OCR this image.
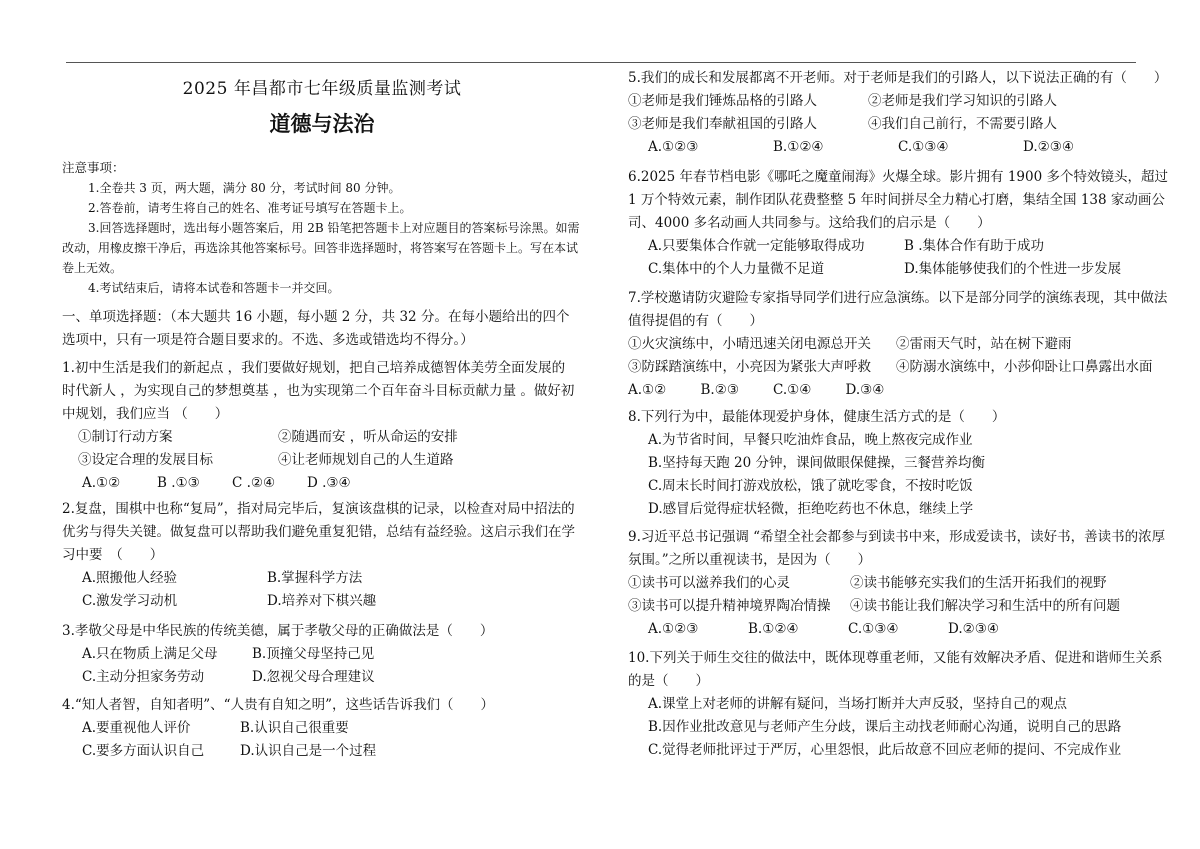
2025 年昌都市七年级质量监测考试
道德与法治
注意事项：
1.全卷共 3 页，两大题，满分 80 分，考试时间 80 分钟。
2.答卷前，请考生将自己的姓名、准考证号填写在答题卡上。
3.回答选择题时，选出每小题答案后，用 2B 铅笔把答题卡上对应题目的答案标号涂黑。如需改动，用橡皮擦干净后，再选涂其他答案标号。回答非选择题时，将答案写在答题卡上。写在本试卷上无效。
4.考试结束后，请将本试卷和答题卡一并交回。
一、单项选择题：（本大题共 16 小题，每小题 2 分，共 32 分。在每小题给出的四个选项中，只有一项是符合题目要求的。不选、多选或错选均不得分。）
1.初中生活是我们的新起点 ，我们要做好规划，把自己培养成德智体美劳全面发展的时代新人 ，为实现自己的梦想奠基 ，也为实现第二个百年奋斗目标贡献力量 。做好初中规划，我们应当 （　　）
①制订行动方案	②随遇而安 ，听从命运的安排
③设定合理的发展目标	④让老师规划自己的人生道路
A.①②	B .①③	C .②④	D .③④
2.复盘，围棋中也称“复局”，指对局完毕后，复演该盘棋的记录，以检查对局中招法的优劣与得失关键。做复盘可以帮助我们避免重复犯错，总结有益经验。这启示我们在学习中要　（　　）
A.照搬他人经验	B.掌握科学方法
C.激发学习动机	D.培养对下棋兴趣
3.孝敬父母是中华民族的传统美德，属于孝敬父母的正确做法是（　　）
A.只在物质上满足父母	B.顶撞父母坚持己见
C.主动分担家务劳动	D.忽视父母合理建议
4.“知人者智，自知者明”、“人贵有自知之明”，这些话告诉我们（　　）
A.要重视他人评价	B.认识自己很重要
C.要多方面认识自己	D.认识自己是一个过程
5.我们的成长和发展都离不开老师。对于老师是我们的引路人，以下说法正确的有（　　）
①老师是我们锤炼品格的引路人	②老师是我们学习知识的引路人
③老师是我们奉献祖国的引路人	④我们自己前行，不需要引路人
A.①②③	B.①②④	C.①③④	D.②③④
6.2025 年春节档电影《哪吒之魔童闹海》火爆全球。影片拥有 1900 多个特效镜头，超过 1 万个特效元素，制作团队花费整整 5 年时间拼尽全力精心打磨，集结全国 138 家动画公司、4000 多名动画人共同参与。这给我们的启示是（　　）
A.只要集体合作就一定能够取得成功	B .集体合作有助于成功
C.集体中的个人力量微不足道	D.集体能够使我们的个性进一步发展
7.学校邀请防灾避险专家指导同学们进行应急演练。以下是部分同学的演练表现，其中做法值得提倡的有（　　）
①火灾演练中，小晴迅速关闭电源总开关	②雷雨天气时，站在树下避雨
③防踩踏演练中，小亮因为紧张大声呼救	④防溺水演练中，小莎仰卧让口鼻露出水面
A.①②	B.②③	C.①④	D.③④
8.下列行为中，最能体现爱护身体，健康生活方式的是（　　）
A.为节省时间，早餐只吃油炸食品，晚上熬夜完成作业
B.坚持每天跑 20 分钟，课间做眼保健操，三餐营养均衡
C.周末长时间打游戏放松，饿了就吃零食，不按时吃饭
D.感冒后觉得症状轻微，拒绝吃药也不休息，继续上学
9.习近平总书记强调 “希望全社会都参与到读书中来，形成爱读书，读好书，善读书的浓厚氛围。”之所以重视读书，是因为（　　）
①读书可以滋养我们的心灵	②读书能够充实我们的生活开拓我们的视野
③读书可以提升精神境界陶冶情操	④读书能让我们解决学习和生活中的所有问题
A.①②③	B.①②④	C.①③④	D.②③④
10.下列关于师生交往的做法中，既体现尊重老师，又能有效解决矛盾、促进和谐师生关系的是（　　）
A.课堂上对老师的讲解有疑问，当场打断并大声反驳，坚持自己的观点
B.因作业批改意见与老师产生分歧，课后主动找老师耐心沟通，说明自己的思路
C.觉得老师批评过于严厉，心里怨恨，此后故意不回应老师的提问、不完成作业
